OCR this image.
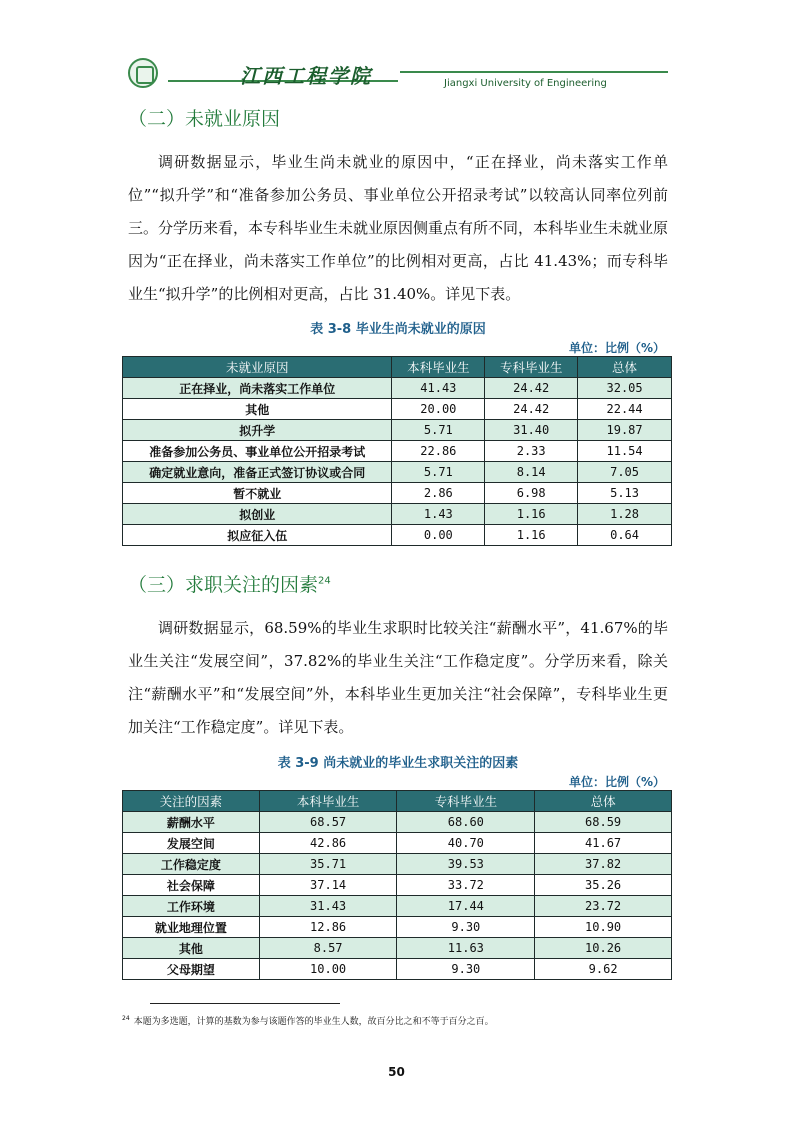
江西工程学院	Jiangxi University of Engineering
（二）未就业原因
调研数据显示，毕业生尚未就业的原因中，“正在择业，尚未落实工作单位”“拟升学”和“准备参加公务员、事业单位公开招录考试”以较高认同率位列前三。分学历来看，本专科毕业生未就业原因侧重点有所不同，本科毕业生未就业原因为“正在择业，尚未落实工作单位”的比例相对更高，占比 41.43%；而专科毕业生“拟升学”的比例相对更高，占比 31.40%。详见下表。
表 3-8 毕业生尚未就业的原因
单位：比例（%）
未就业原因	本科毕业生	专科毕业生	总体
正在择业，尚未落实工作单位	41.43	24.42	32.05
其他	20.00	24.42	22.44
拟升学	5.71	31.40	19.87
准备参加公务员、事业单位公开招录考试	22.86	2.33	11.54
确定就业意向，准备正式签订协议或合同	5.71	8.14	7.05
暂不就业	2.86	6.98	5.13
拟创业	1.43	1.16	1.28
拟应征入伍	0.00	1.16	0.64
（三）求职关注的因素$^{24}$
调研数据显示，68.59%的毕业生求职时比较关注“薪酬水平”，41.67%的毕业生关注“发展空间”，37.82%的毕业生关注“工作稳定度”。分学历来看，除关注“薪酬水平”和“发展空间”外，本科毕业生更加关注“社会保障”，专科毕业生更加关注“工作稳定度”。详见下表。
表 3-9 尚未就业的毕业生求职关注的因素
单位：比例（%）
关注的因素	本科毕业生	专科毕业生	总体
薪酬水平	68.57	68.60	68.59
发展空间	42.86	40.70	41.67
工作稳定度	35.71	39.53	37.82
社会保障	37.14	33.72	35.26
工作环境	31.43	17.44	23.72
就业地理位置	12.86	9.30	10.90
其他	8.57	11.63	10.26
父母期望	10.00	9.30	9.62
$^{24}$ 本题为多选题，计算的基数为参与该题作答的毕业生人数，故百分比之和不等于百分之百。
50
